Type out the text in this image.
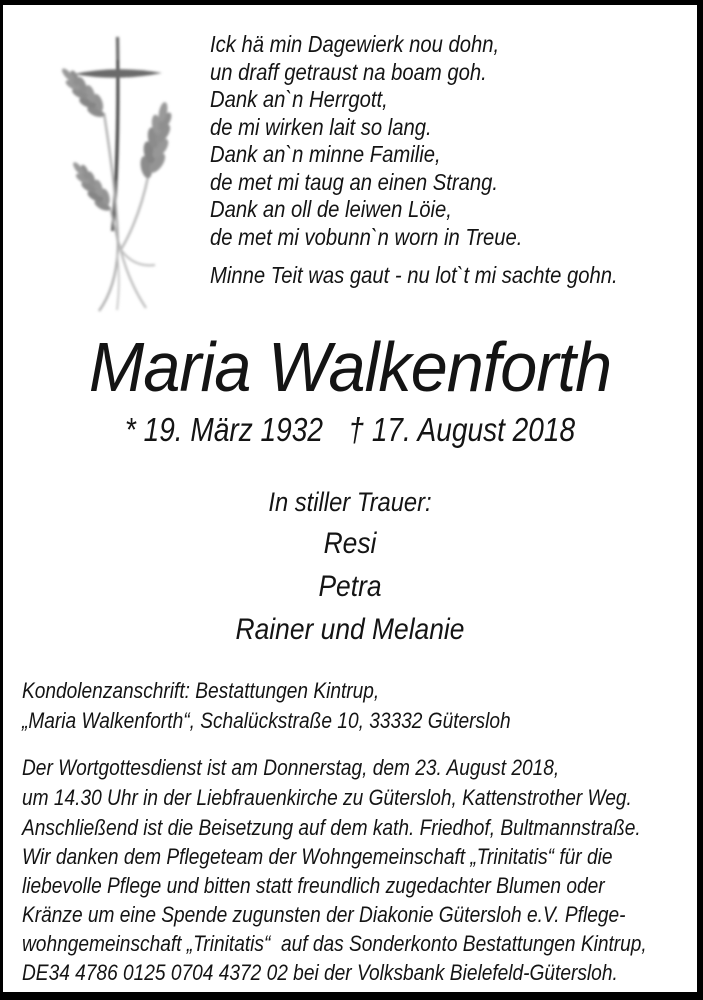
Ick hä min Dagewierk nou dohn,
un draff getraust na boam goh.
Dank an`n Herrgott,
de mi wirken lait so lang.
Dank an`n minne Familie,
de met mi taug an einen Strang.
Dank an oll de leiwen Löie,
de met mi vobunn`n worn in Treue.
Minne Teit was gaut - nu lot`t mi sachte gohn.
Maria Walkenforth
* 19. März 1932 † 17. August 2018
In stiller Trauer:
Resi
Petra
Rainer und Melanie
Kondolenzanschrift: Bestattungen Kintrup,
„Maria Walkenforth“, Schalückstraße 10, 33332 Gütersloh
Der Wortgottesdienst ist am Donnerstag, dem 23. August 2018,
um 14.30 Uhr in der Liebfrauenkirche zu Gütersloh, Kattenstrother Weg.
Anschließend ist die Beisetzung auf dem kath. Friedhof, Bultmannstraße.
Wir danken dem Pflegeteam der Wohngemeinschaft „Trinitatis“ für die
liebevolle Pflege und bitten statt freundlich zugedachter Blumen oder
Kränze um eine Spende zugunsten der Diakonie Gütersloh e.V. Pflege-
wohngemeinschaft „Trinitatis“  auf das Sonderkonto Bestattungen Kintrup,
DE34 4786 0125 0704 4372 02 bei der Volksbank Bielefeld-Gütersloh.
